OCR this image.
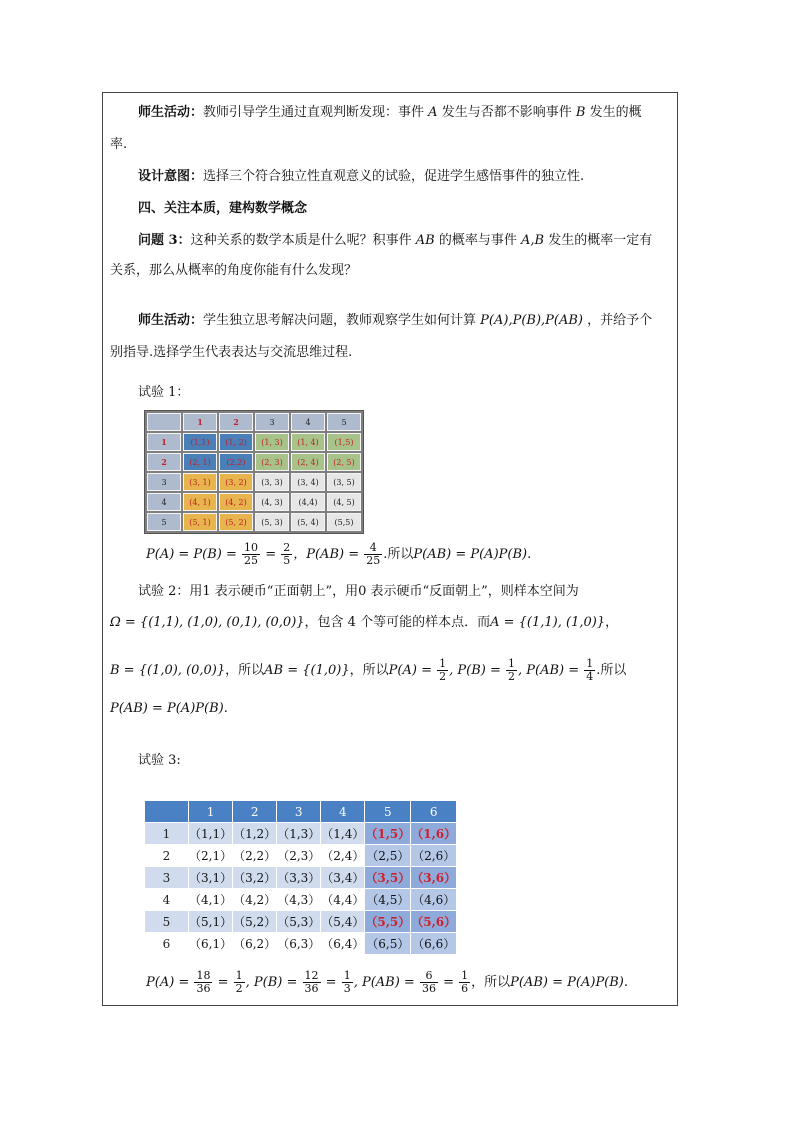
师生活动：教师引导学生通过直观判断发现：事件 A 发生与否都不影响事件 B 发生的概
率.
设计意图：选择三个符合独立性直观意义的试验，促进学生感悟事件的独立性.
四、关注本质，建构数学概念
问题 3：这种关系的数学本质是什么呢？积事件 AB 的概率与事件 A,B 发生的概率一定有
关系，那么从概率的角度你能有什么发现？
师生活动：学生独立思考解决问题，教师观察学生如何计算 P(A),P(B),P(AB) ，并给予个
别指导.选择学生代表表达与交流思维过程.
试验 1：
	1	2	3	4	5
1	(1,1)	(1, 2)	(1, 3)	(1, 4)	(1,5)
2	(2, 1)	(2,2)	(2, 3)	(2, 4)	(2, 5)
3	(3, 1)	(3, 2)	(3, 3)	(3, 4)	(3, 5)
4	(4, 1)	(4, 2)	(4, 3)	(4,4)	(4, 5)
5	(5, 1)	(5, 2)	(5, 3)	(5, 4)	(5,5)
$P(A) = P(B) = \frac{10}{25} = \frac{2}{5}$ ，$P(AB) = \frac{4}{25}$ .所以P(AB) = P(A)P(B).
试验 2：用1 表示硬币“正面朝上”，用0 表示硬币“反面朝上”，则样本空间为
Ω = {(1,1), (1,0), (0,1), (0,0)}，包含 4 个等可能的样本点．而A = {(1,1), (1,0)}，
B = {(1,0), (0,0)}，所以AB = {(1,0)}，所以$P(A) = \frac{1}{2}$ , $P(B) = \frac{1}{2}$ , $P(AB) = \frac{1}{4}$ .所以
P(AB) = P(A)P(B).
试验 3:
	1	2	3	4	5	6
1	（1,1）	（1,2）	（1,3）	（1,4）	（1,5）	（1,6）
2	（2,1）	（2,2）	（2,3）	（2,4）	（2,5）	（2,6）
3	（3,1）	（3,2）	（3,3）	（3,4）	（3,5）	（3,6）
4	（4,1）	（4,2）	（4,3）	（4,4）	（4,5）	（4,6）
5	（5,1）	（5,2）	（5,3）	（5,4）	（5,5）	（5,6）
6	（6,1）	（6,2）	（6,3）	（6,4）	（6,5）	（6,6）
$P(A) = \frac{18}{36} = \frac{1}{2}$ , $P(B) = \frac{12}{36} = \frac{1}{3}$ , $P(AB) = \frac{6}{36} = \frac{1}{6}$ ，所以P(AB) = P(A)P(B).
